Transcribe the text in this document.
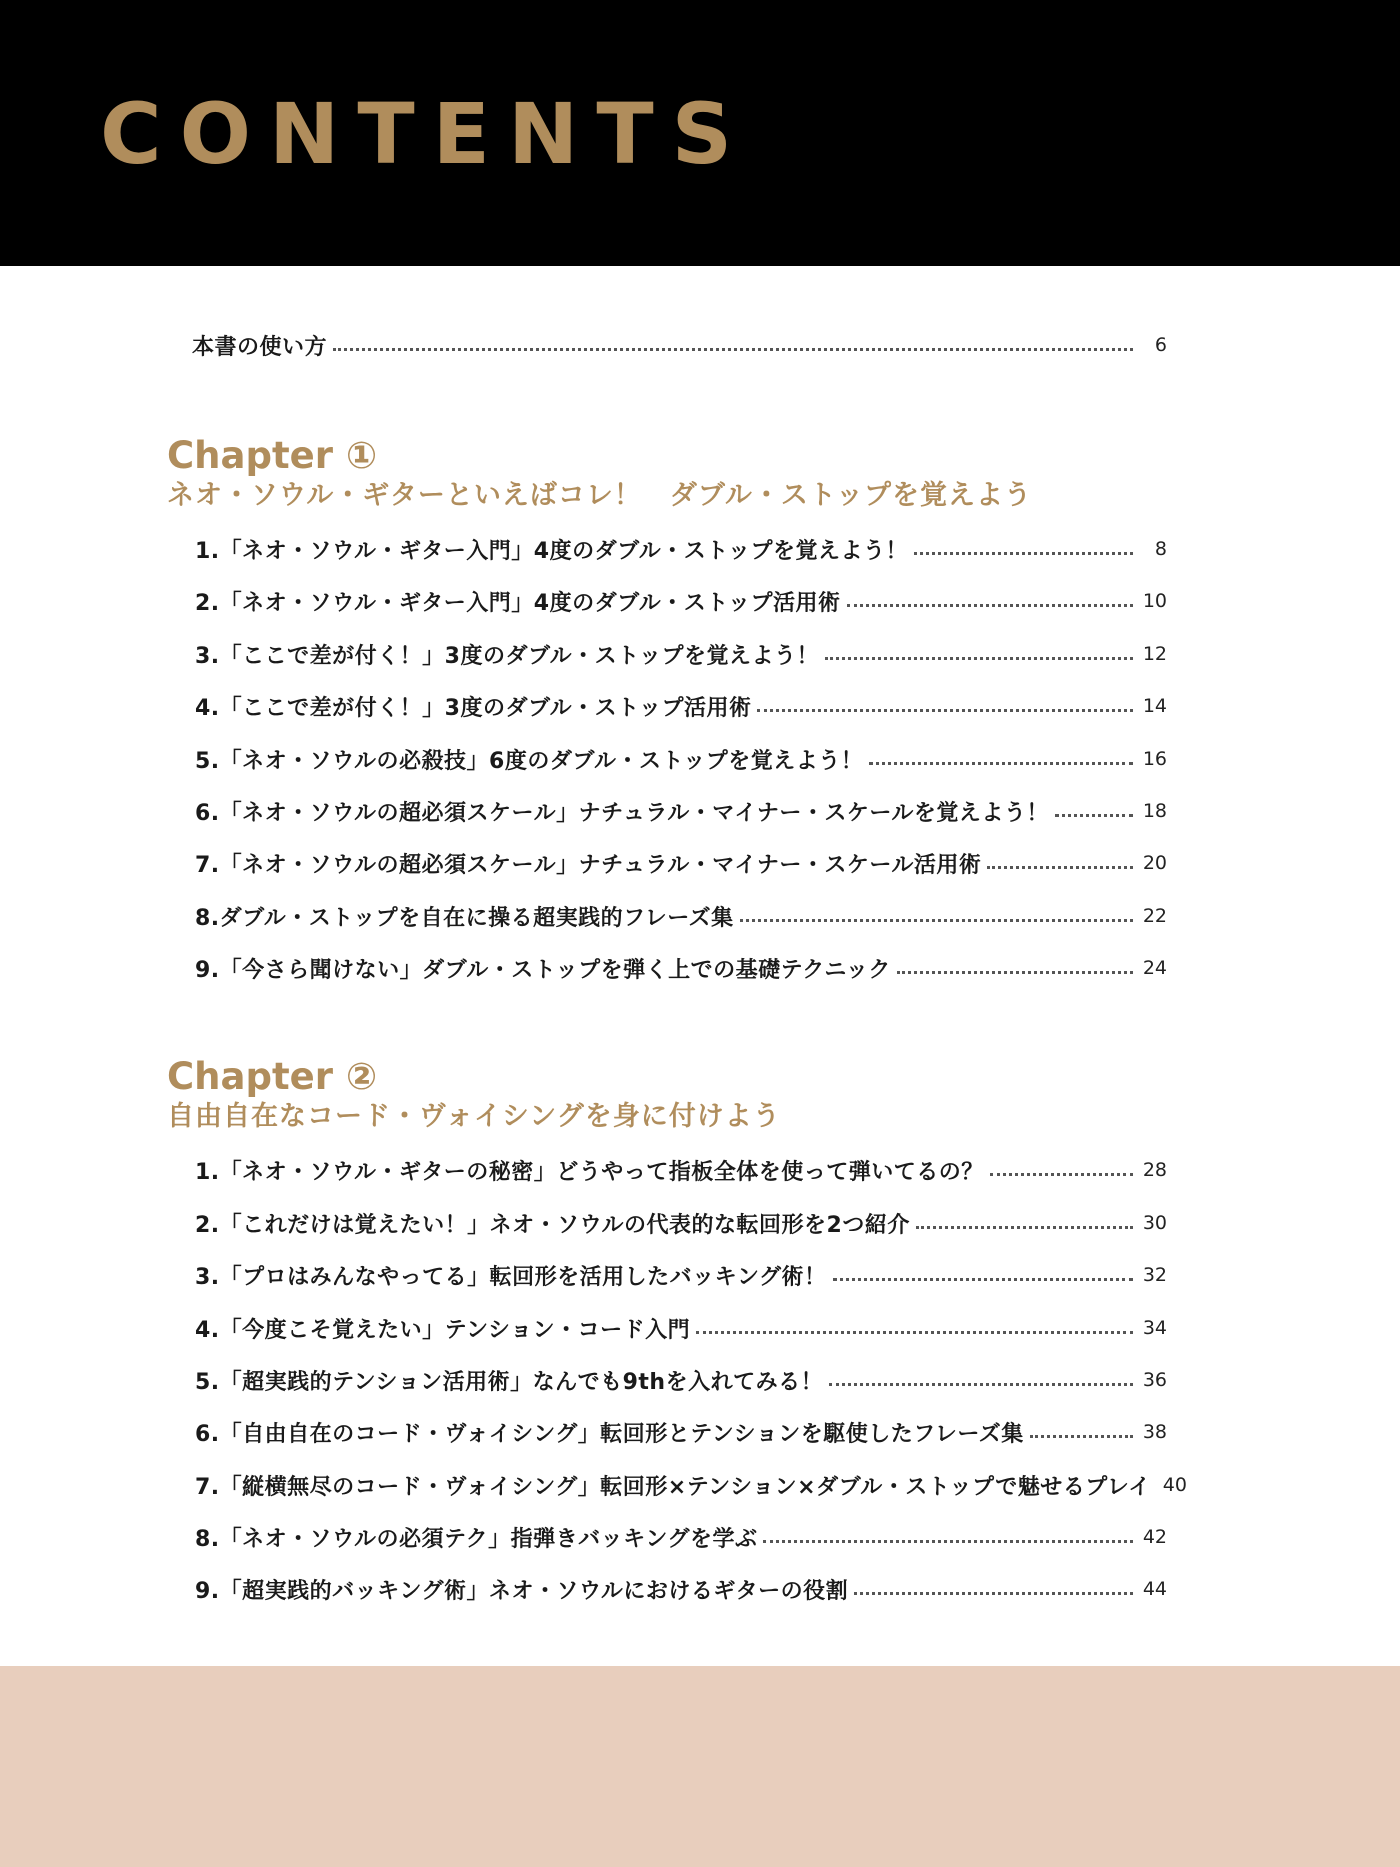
CONTENTS
本書の使い方	6
Chapter ①
ネオ・ソウル・ギターといえばコレ！　ダブル・ストップを覚えよう
1.「ネオ・ソウル・ギター入門」4度のダブル・ストップを覚えよう！	8
2.「ネオ・ソウル・ギター入門」4度のダブル・ストップ活用術	10
3.「ここで差が付く！」3度のダブル・ストップを覚えよう！	12
4.「ここで差が付く！」3度のダブル・ストップ活用術	14
5.「ネオ・ソウルの必殺技」6度のダブル・ストップを覚えよう！	16
6.「ネオ・ソウルの超必須スケール」ナチュラル・マイナー・スケールを覚えよう！	18
7.「ネオ・ソウルの超必須スケール」ナチュラル・マイナー・スケール活用術	20
8.ダブル・ストップを自在に操る超実践的フレーズ集	22
9.「今さら聞けない」ダブル・ストップを弾く上での基礎テクニック	24
Chapter ②
自由自在なコード・ヴォイシングを身に付けよう
1.「ネオ・ソウル・ギターの秘密」どうやって指板全体を使って弾いてるの？	28
2.「これだけは覚えたい！」ネオ・ソウルの代表的な転回形を2つ紹介	30
3.「プロはみんなやってる」転回形を活用したバッキング術！	32
4.「今度こそ覚えたい」テンション・コード入門	34
5.「超実践的テンション活用術」なんでも9thを入れてみる！	36
6.「自由自在のコード・ヴォイシング」転回形とテンションを駆使したフレーズ集	38
7.「縦横無尽のコード・ヴォイシング」転回形×テンション×ダブル・ストップで魅せるプレイ 40
8.「ネオ・ソウルの必須テク」指弾きバッキングを学ぶ	42
9.「超実践的バッキング術」ネオ・ソウルにおけるギターの役割	44
